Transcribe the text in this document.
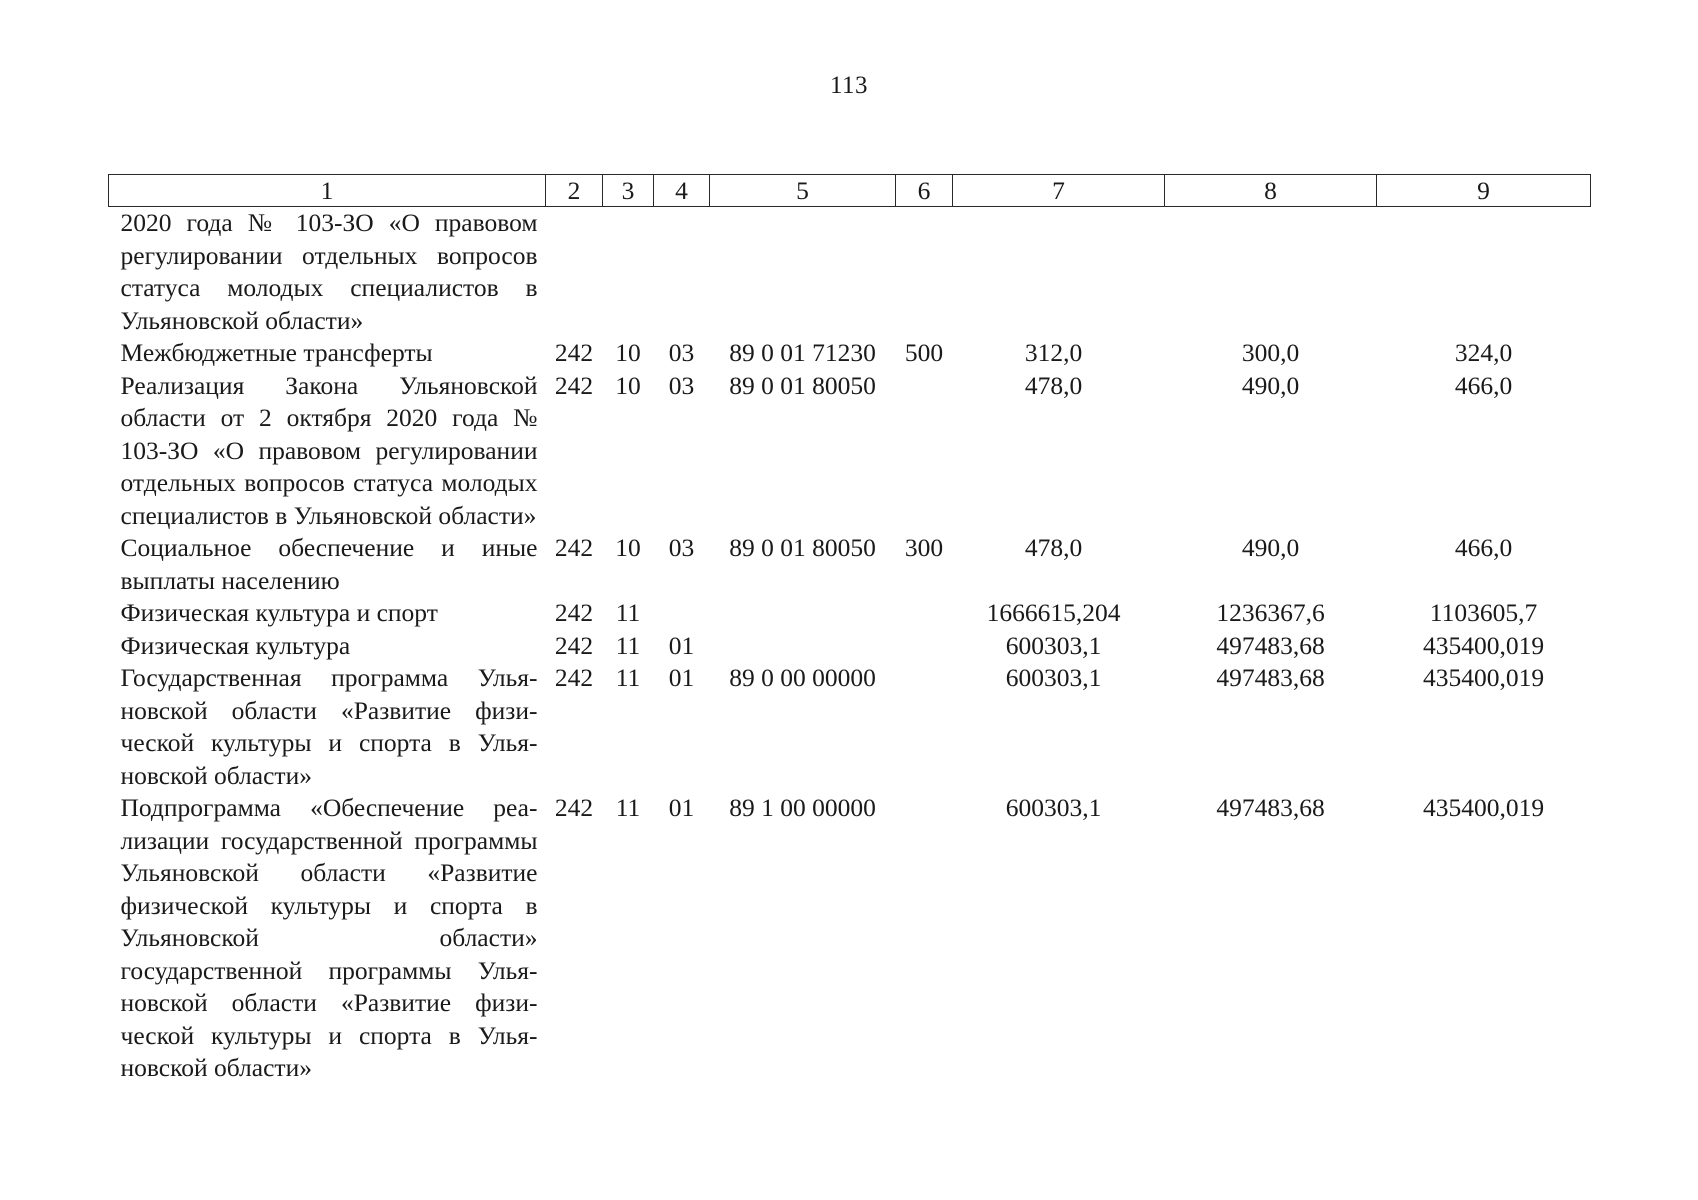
113
1	2	3	4	5	6	7	8	9
2020 года № 103-ЗО «О правовом регулировании отдельных вопросов статуса молодых специалистов в Ульяновской области»								
Межбюджетные трансферты	242	10	03	89 0 01 71230	500	312,0	300,0	324,0
Реализация Закона Ульяновской области от 2 октября 2020 года № 103-ЗО «О правовом регулировании отдельных вопросов статуса молодых специалистов в Ульяновской области»	242	10	03	89 0 01 80050		478,0	490,0	466,0
Социальное обеспечение и иные выплаты населению	242	10	03	89 0 01 80050	300	478,0	490,0	466,0
Физическая культура и спорт	242	11				1666615,204	1236367,6	1103605,7
Физическая культура	242	11	01			600303,1	497483,68	435400,019
Государственная программа Ульяновской области «Развитие физической культуры и спорта в Ульяновской области»	242	11	01	89 0 00 00000		600303,1	497483,68	435400,019
Подпрограмма «Обеспечение реализации государственной программы Ульяновской области «Развитие физической культуры и спорта в Ульяновской области» государственной программы Ульяновской области «Развитие физической культуры и спорта в Ульяновской области»	242	11	01	89 1 00 00000		600303,1	497483,68	435400,019
